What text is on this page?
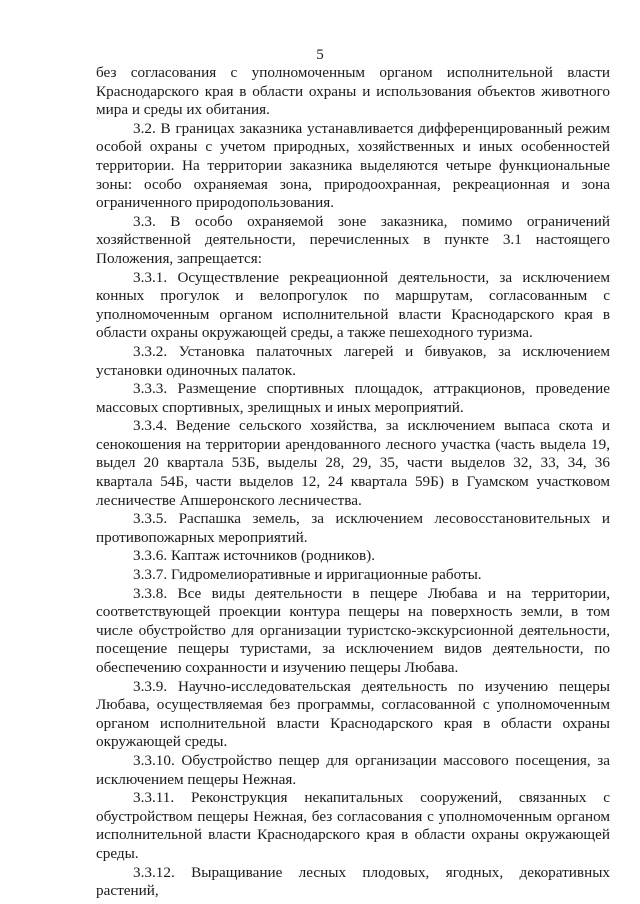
5

без согласования с уполномоченным органом исполнительной власти Краснодарского края в области охраны и использования объектов животного мира и среды их обитания.

3.2. В границах заказника устанавливается дифференцированный режим особой охраны с учетом природных, хозяйственных и иных особенностей территории. На территории заказника выделяются четыре функциональные зоны: особо охраняемая зона, природоохранная, рекреационная и зона ограниченного природопользования.

3.3. В особо охраняемой зоне заказника, помимо ограничений хозяйственной деятельности, перечисленных в пункте 3.1 настоящего Положения, запрещается:

3.3.1. Осуществление рекреационной деятельности, за исключением конных прогулок и велопрогулок по маршрутам, согласованным с уполномоченным органом исполнительной власти Краснодарского края в области охраны окружающей среды, а также пешеходного туризма.

3.3.2. Установка палаточных лагерей и бивуаков, за исключением установки одиночных палаток.

3.3.3. Размещение спортивных площадок, аттракционов, проведение массовых спортивных, зрелищных и иных мероприятий.

3.3.4. Ведение сельского хозяйства, за исключением выпаса скота и сенокошения на территории арендованного лесного участка (часть выдела 19, выдел 20 квартала 53Б, выделы 28, 29, 35, части выделов 32, 33, 34, 36 квартала 54Б, части выделов 12, 24 квартала 59Б) в Гуамском участковом лесничестве Апшеронского лесничества.

3.3.5. Распашка земель, за исключением лесовосстановительных и противопожарных мероприятий.

3.3.6. Каптаж источников (родников).

3.3.7. Гидромелиоративные и ирригационные работы.

3.3.8. Все виды деятельности в пещере Любава и на территории, соответствующей проекции контура пещеры на поверхность земли, в том числе обустройство для организации туристско-экскурсионной деятельности, посещение пещеры туристами, за исключением видов деятельности, по обеспечению сохранности и изучению пещеры Любава.

3.3.9. Научно-исследовательская деятельность по изучению пещеры Любава, осуществляемая без программы, согласованной с уполномоченным органом исполнительной власти Краснодарского края в области охраны окружающей среды.

3.3.10. Обустройство пещер для организации массового посещения, за исключением пещеры Нежная.

3.3.11. Реконструкция некапитальных сооружений, связанных с обустройством пещеры Нежная, без согласования с уполномоченным органом исполнительной власти Краснодарского края в области охраны окружающей среды.

3.3.12. Выращивание лесных плодовых, ягодных, декоративных растений,
